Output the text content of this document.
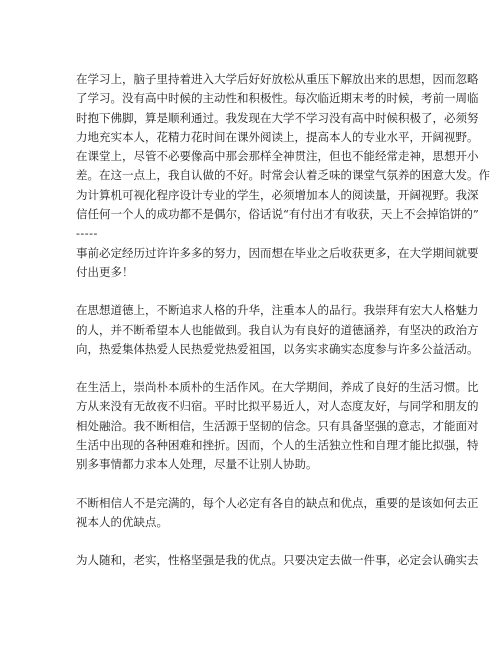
在学习上，脑子里持着进入大学后好好放松从重压下解放出来的思想，因而忽略
了学习。没有高中时候的主动性和积极性。每次临近期末考的时候，考前一周临
时抱下佛脚，算是顺利通过。我发现在大学不学习没有高中时候积极了，必须努
力地充实本人，花精力花时间在课外阅读上，提高本人的专业水平，开阔视野。
在课堂上，尽管不必要像高中那会那样全神贯注，但也不能经常走神，思想开小
差。在这一点上，我自认做的不好。时常会认着乏味的课堂气氛养的困意大发。作
为计算机可视化程序设计专业的学生，必须增加本人的阅读量，开阔视野。我深
信任何一个人的成功都不是偶尔，俗话说“有付出才有收获，天上不会掉馅饼的”
-----
事前必定经历过许许多多的努力，因而想在毕业之后收获更多，在大学期间就要
付出更多！
在思想道德上，不断追求人格的升华，注重本人的品行。我崇拜有宏大人格魅力
的人，并不断希望本人也能做到。我自认为有良好的道德涵养，有坚决的政治方
向，热爱集体热爱人民热爱党热爱祖国，以务实求确实态度参与许多公益活动。
在生活上，崇尚朴本质朴的生活作风。在大学期间，养成了良好的生活习惯。比
方从来没有无故夜不归宿。平时比拟平易近人，对人态度友好，与同学和朋友的
相处融洽。我不断相信，生活源于坚韧的信念。只有具备坚强的意志，才能面对
生活中出现的各种困难和挫折。因而，个人的生活独立性和自理才能比拟强，特
别多事情都力求本人处理，尽量不让别人协助。
不断相信人不是完满的，每个人必定有各自的缺点和优点，重要的是该如何去正
视本人的优缺点。
为人随和，老实，性格坚强是我的优点。只要决定去做一件事，必定会认确实去
